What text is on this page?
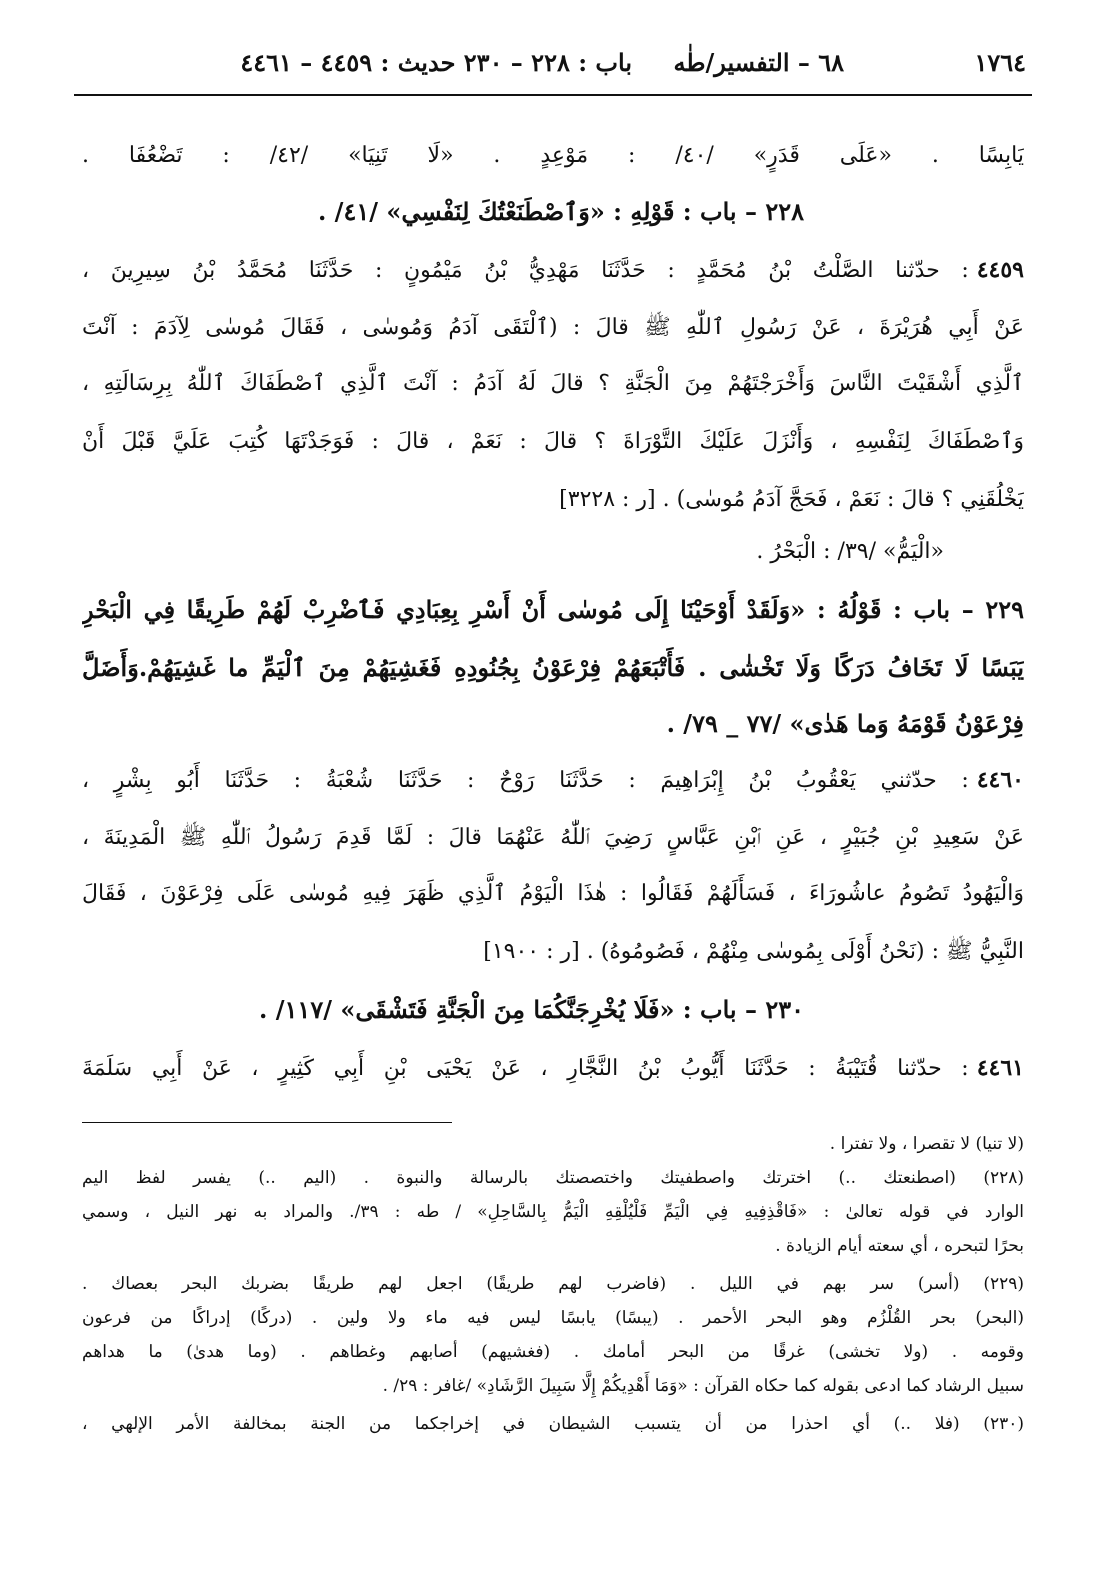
١٧٦٤
٦٨ – التفسير/طٰه
باب : ٢٢٨ – ٢٣٠ حديث : ٤٤٥٩ – ٤٤٦١
يَابِسًا . «عَلَى قَدَرٍ» /٤٠/ : مَوْعِدٍ . «لَا تَنِيَا» /٤٢/ : تَضْعُفَا .
٢٢٨ – باب : قَوْلِهِ : «وَٱصْطَنَعْتُكَ لِنَفْسِي» /٤١/ .
٤٤٥٩: حدّثنا الصَّلْتُ بْنُ مُحَمَّدٍ : حَدَّثَنَا مَهْدِيُّ بْنُ مَيْمُونٍ : حَدَّثَنَا مُحَمَّدُ بْنُ سِيرِينَ ،
عَنْ أَبِي هُرَيْرَةَ ، عَنْ رَسُولِ ٱللّٰهِ ﷺ قالَ : (ٱلْتَقَى آدَمُ وَمُوسٰى ، فَقَالَ مُوسٰى لِآدَمَ : آنْتَ
ٱلَّذِي أَشْقَيْتَ النَّاسَ وَأَخْرَجْتَهُمْ مِنَ الْجَنَّةِ ؟ قالَ لَهُ آدَمُ : آنْتَ ٱلَّذِي ٱصْطَفَاكَ ٱللّٰهُ بِرِسَالَتِهِ ،
وَٱصْطَفَاكَ لِنَفْسِهِ ، وَأَنْزَلَ عَلَيْكَ التَّوْرَاةَ ؟ قالَ : نَعَمْ ، قالَ : فَوَجَدْتَهَا كُتِبَ عَلَيَّ قَبْلَ أَنْ
يَخْلُقَنِي ؟ قالَ : نَعَمْ ، فَحَجَّ آدَمُ مُوسٰى) . [ر : ٣٢٢٨]
«الْيَمُّ» /٣٩/ : الْبَحْرُ .
٢٢٩ – باب : قَوْلُهُ : «وَلَقَدْ أَوْحَيْنَا إِلَى مُوسٰى أَنْ أَسْرِ بِعِبَادِي فَٱضْرِبْ لَهُمْ طَرِيقًا فِي الْبَحْرِ
يَبَسًا لَا تَخَافُ دَرَكًا وَلَا تَخْشٰى . فَأَتْبَعَهُمْ فِرْعَوْنُ بِجُنُودِهِ فَغَشِيَهُمْ مِنَ ٱلْيَمِّ ما غَشِيَهُمْ.وَأَضَلَّ
فِرْعَوْنُ قَوْمَهُ وَما هَدٰى» /٧٧ _ ٧٩/ .
٤٤٦٠: حدّثني يَعْقُوبُ بْنُ إِبْرَاهِيمَ : حَدَّثَنَا رَوْحٌ : حَدَّثَنَا شُعْبَةُ : حَدَّثَنَا أَبُو بِشْرٍ ،
عَنْ سَعِيدِ بْنِ جُبَيْرٍ ، عَنِ ٱبْنِ عَبَّاسٍ رَضِيَ ٱللّٰهُ عَنْهُمَا قالَ : لَمَّا قَدِمَ رَسُولُ ٱللّٰهِ ﷺ الْمَدِينَةَ ،
وَالْيَهُودُ تَصُومُ عاشُورَاءَ ، فَسَأَلَهُمْ فَقَالُوا : هٰذَا الْيَوْمُ ٱلَّذِي ظَهَرَ فِيهِ مُوسٰى عَلَى فِرْعَوْنَ ، فَقَالَ
النَّبِيُّ ﷺ : (نَحْنُ أَوْلَى بِمُوسٰى مِنْهُمْ ، فَصُومُوهُ) . [ر : ١٩٠٠]
٢٣٠ – باب : «فَلَا يُخْرِجَنَّكُمَا مِنَ الْجَنَّةِ فَتَشْقَى» /١١٧/ .
٤٤٦١: حدّثنا قُتَيْبَةُ : حَدَّثَنَا أَيُّوبُ بْنُ النَّجَّارِ ، عَنْ يَحْيَى بْنِ أَبِي كَثِيرٍ ، عَنْ أَبِي سَلَمَةَ
(لا تنيا) لا تقصرا ، ولا تفترا .
(٢٢٨) (اصطنعتك ..) اخترتك واصطفيتك واختصصتك بالرسالة والنبوة . (اليم ..) يفسر لفظ اليم
الوارد في قوله تعالىٰ : «فَاقْذِفِيهِ فِي الْيَمِّ فَلْيُلْقِهِ الْيَمُّ بِالسَّاحِلِ» / طه : ٣٩/. والمراد به نهر النيل ، وسمي
بحرًا لتبحره ، أي سعته أيام الزيادة .
(٢٢٩) (أسر) سر بهم في الليل . (فاضرب لهم طريقًا) اجعل لهم طريقًا بضربك البحر بعصاك .
(البحر) بحر القُلْزُم وهو البحر الأحمر . (يبسًا) يابسًا ليس فيه ماء ولا ولين . (دركًا) إدراكًا من فرعون
وقومه . (ولا تخشى) غرقًا من البحر أمامك . (فغشيهم) أصابهم وغطاهم . (وما هدىٰ) ما هداهم
سبيل الرشاد كما ادعى بقوله كما حكاه القرآن : «وَمَا أَهْدِيكُمْ إِلَّا سَبِيلَ الرَّشَادِ» /غافر : ٢٩/ .
(٢٣٠) (فلا ..) أي احذرا من أن يتسبب الشيطان في إخراجكما من الجنة بمخالفة الأمر الإلهي ،
